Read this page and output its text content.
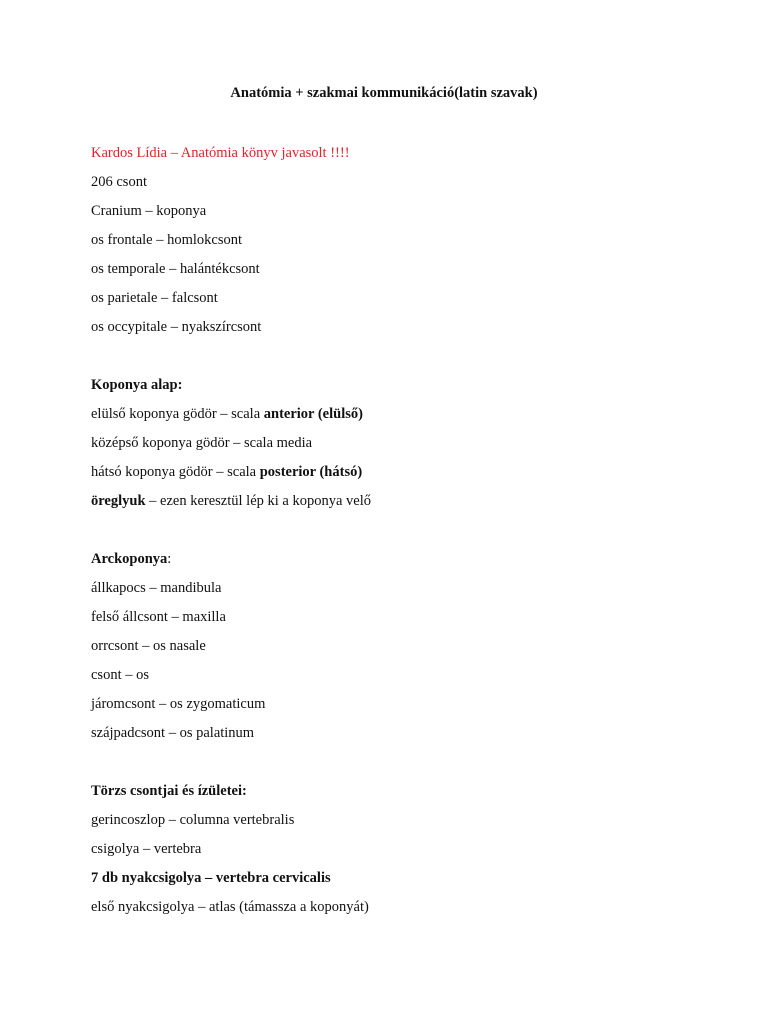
Anatómia + szakmai kommunikáció(latin szavak)
Kardos Lídia – Anatómia könyv javasolt !!!!
206 csont
Cranium – koponya
os frontale – homlokcsont
os temporale – halántékcsont
os parietale – falcsont
os occypitale – nyakszírcsont
Koponya alap:
elülső koponya gödör – scala anterior (elülső)
középső koponya gödör – scala media
hátsó koponya gödör – scala posterior (hátsó)
öreglyuk – ezen keresztül lép ki a koponya velő
Arckoponya:
állkapocs – mandibula
felső állcsont – maxilla
orrcsont – os nasale
csont – os
járomcsont – os zygomaticum
szájpadcsont – os palatinum
Törzs csontjai és ízületei:
gerincoszlop – columna vertebralis
csigolya – vertebra
7 db nyakcsigolya – vertebra cervicalis
első nyakcsigolya – atlas (támassza a koponyát)
